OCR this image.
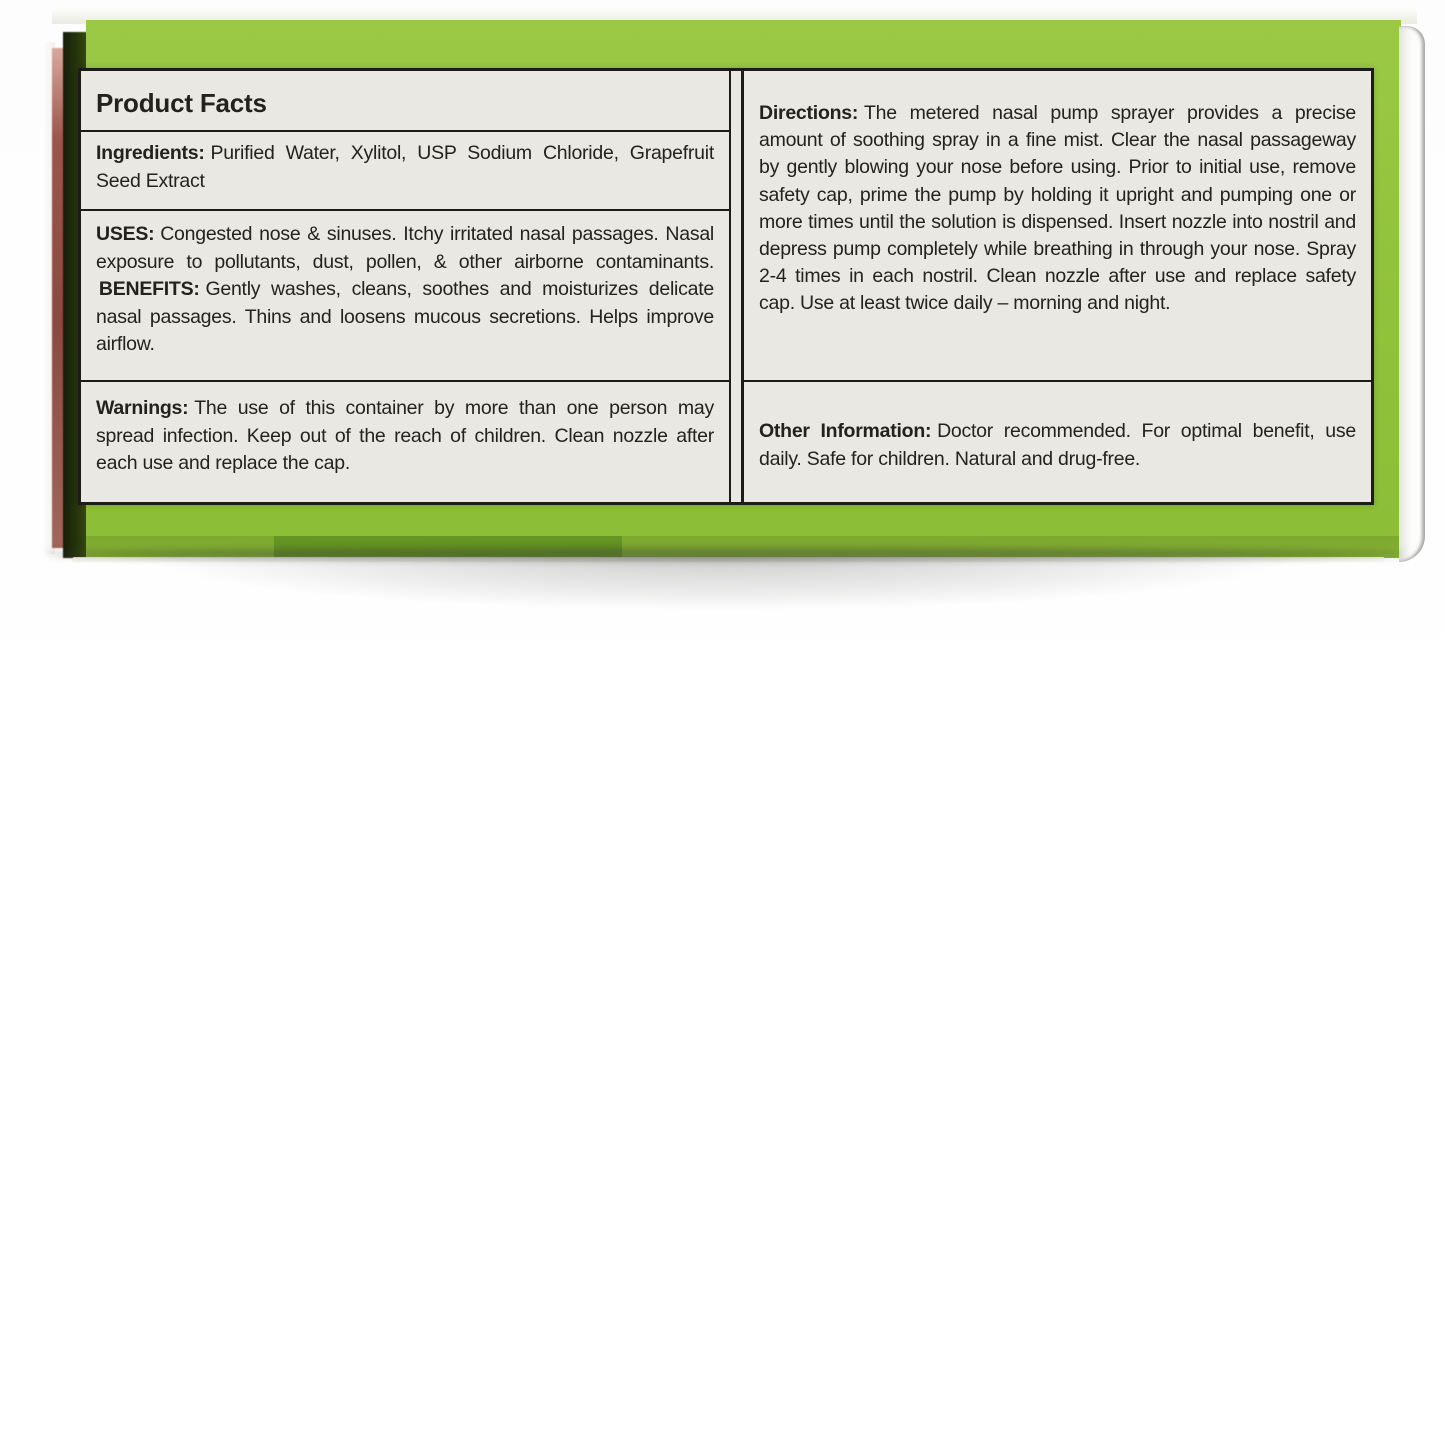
Product Facts
Ingredients: Purified Water, Xylitol, USP Sodium Chloride, Grapefruit Seed Extract
USES: Congested nose & sinuses. Itchy irritated nasal passages. Nasal exposure to pollutants, dust, pollen, & other airborne contaminants. BENEFITS: Gently washes, cleans, soothes and moisturizes delicate nasal passages. Thins and loosens mucous secretions. Helps improve airflow.
Warnings: The use of this container by more than one person may spread infection. Keep out of the reach of children. Clean nozzle after each use and replace the cap.
Directions: The metered nasal pump sprayer provides a precise amount of soothing spray in a fine mist. Clear the nasal passageway by gently blowing your nose before using. Prior to initial use, remove safety cap, prime the pump by holding it upright and pumping one or more times until the solution is dispensed. Insert nozzle into nostril and depress pump completely while breathing in through your nose. Spray 2-4 times in each nostril. Clean nozzle after use and replace safety cap. Use at least twice daily – morning and night.
Other Information: Doctor recommended. For optimal benefit, use daily. Safe for children. Natural and drug-free.
